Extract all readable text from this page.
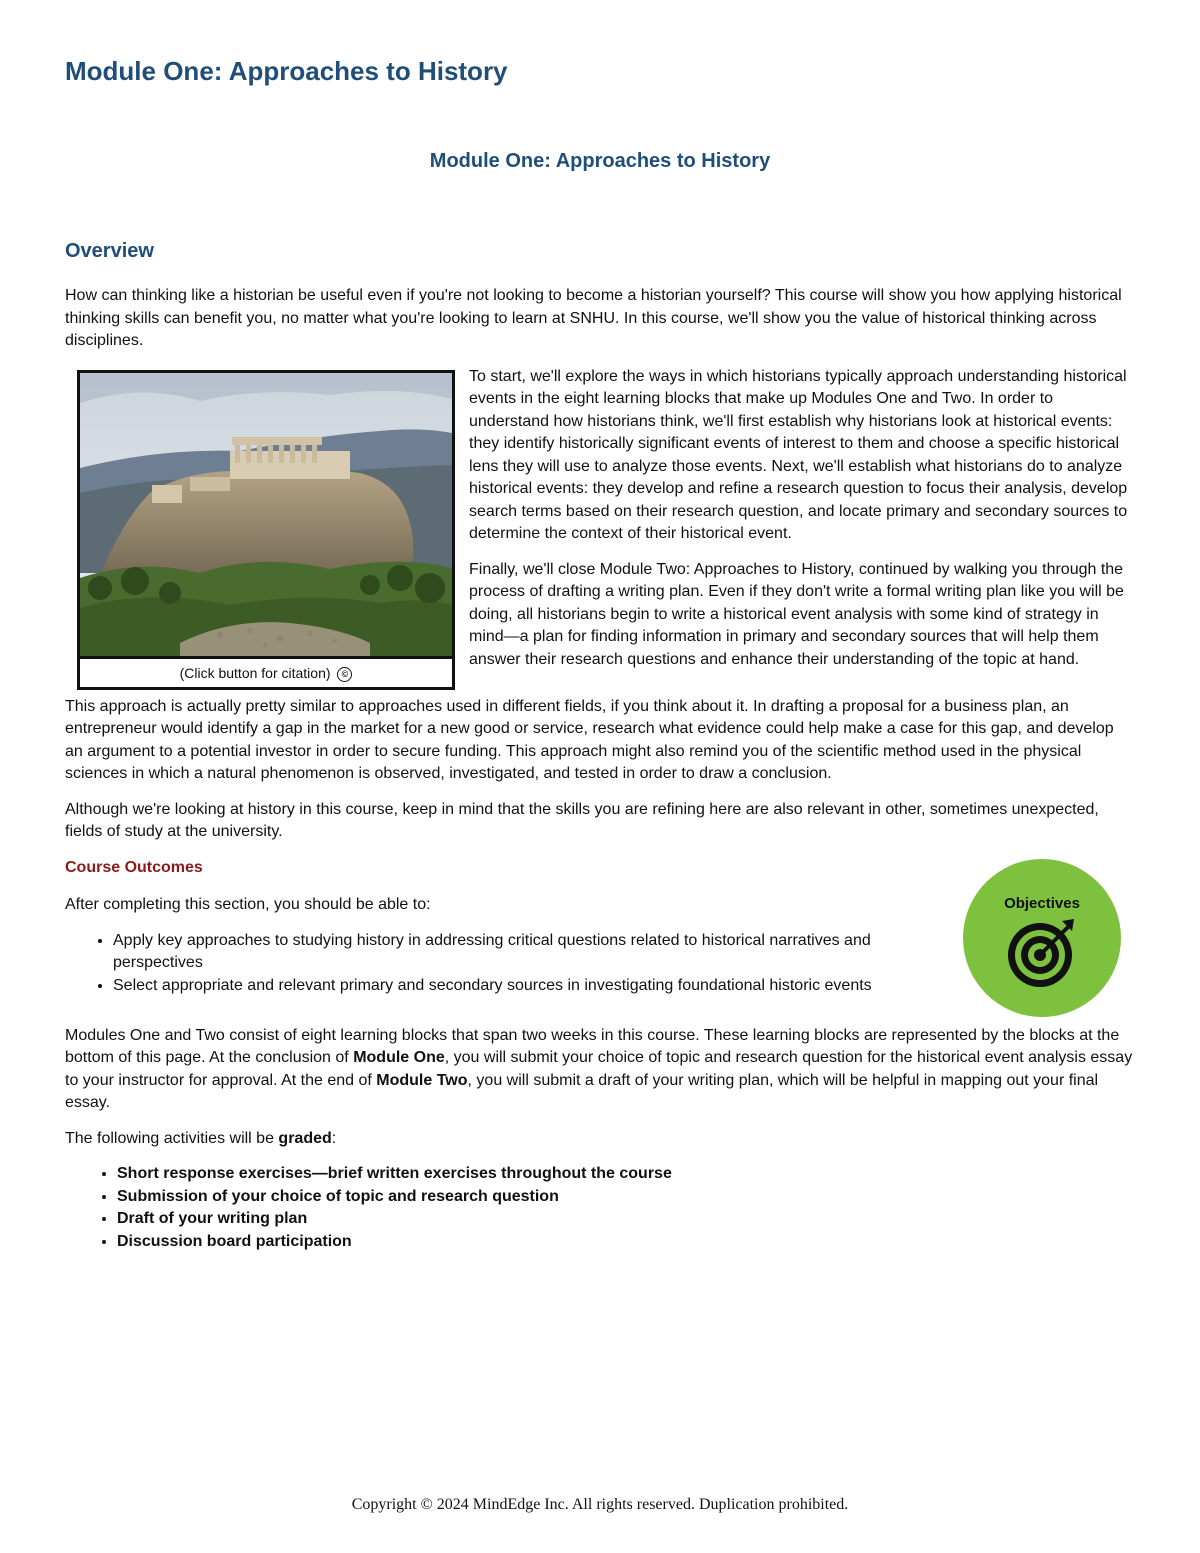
Module One: Approaches to History
Module One: Approaches to History
Overview

How can thinking like a historian be useful even if you're not looking to become a historian yourself? This course will show you how applying historical thinking skills can benefit you, no matter what you're looking to learn at SNHU. In this course, we'll show you the value of historical thinking across disciplines.

(Click button for citation) ©

To start, we'll explore the ways in which historians typically approach understanding historical events in the eight learning blocks that make up Modules One and Two. In order to understand how historians think, we'll first establish why historians look at historical events: they identify historically significant events of interest to them and choose a specific historical lens they will use to analyze those events. Next, we'll establish what historians do to analyze historical events: they develop and refine a research question to focus their analysis, develop search terms based on their research question, and locate primary and secondary sources to determine the context of their historical event.

Finally, we'll close Module Two: Approaches to History, continued by walking you through the process of drafting a writing plan. Even if they don't write a formal writing plan like you will be doing, all historians begin to write a historical event analysis with some kind of strategy in mind—a plan for finding information in primary and secondary sources that will help them answer their research questions and enhance their understanding of the topic at hand.

This approach is actually pretty similar to approaches used in different fields, if you think about it. In drafting a proposal for a business plan, an entrepreneur would identify a gap in the market for a new good or service, research what evidence could help make a case for this gap, and develop an argument to a potential investor in order to secure funding. This approach might also remind you of the scientific method used in the physical sciences in which a natural phenomenon is observed, investigated, and tested in order to draw a conclusion.

Although we're looking at history in this course, keep in mind that the skills you are refining here are also relevant in other, sometimes unexpected, fields of study at the university.

Objectives
Course Outcomes

After completing this section, you should be able to:

• Apply key approaches to studying history in addressing critical questions related to historical narratives and perspectives
• Select appropriate and relevant primary and secondary sources in investigating foundational historic events

Modules One and Two consist of eight learning blocks that span two weeks in this course. These learning blocks are represented by the blocks at the bottom of this page. At the conclusion of Module One, you will submit your choice of topic and research question for the historical event analysis essay to your instructor for approval. At the end of Module Two, you will submit a draft of your writing plan, which will be helpful in mapping out your final essay.

The following activities will be graded:

• Short response exercises—brief written exercises throughout the course
• Submission of your choice of topic and research question
• Draft of your writing plan
• Discussion board participation
Copyright © 2024 MindEdge Inc. All rights reserved. Duplication prohibited.
